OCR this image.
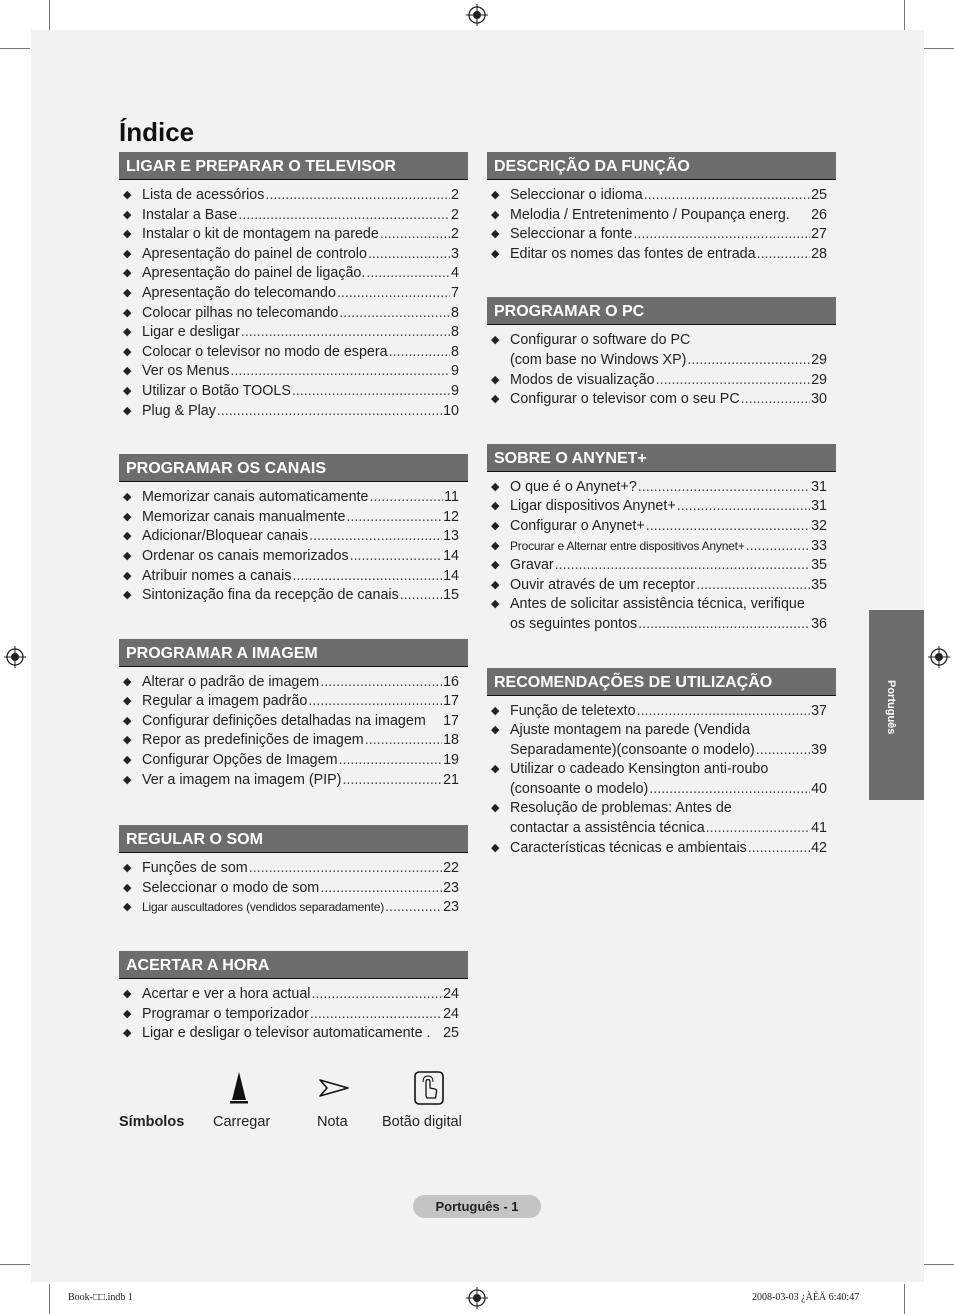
Índice
LIGAR E PREPARAR O TELEVISOR
◆ Lista de acessórios .....	2
◆ Instalar a Base .....	2
◆ Instalar o kit de montagem na parede .....	2
◆ Apresentação do painel de controlo .....	3
◆ Apresentação do painel de ligação. .....	4
◆ Apresentação do telecomando .....	7
◆ Colocar pilhas no telecomando .....	8
◆ Ligar e desligar .....	8
◆ Colocar o televisor no modo de espera .....	8
◆ Ver os Menus .....	9
◆ Utilizar o Botão TOOLS .....	9
◆ Plug & Play .....	10
PROGRAMAR OS CANAIS
◆ Memorizar canais automaticamente .....	11
◆ Memorizar canais manualmente .....	12
◆ Adicionar/Bloquear canais .....	13
◆ Ordenar os canais memorizados .....	14
◆ Atribuir nomes a canais .....	14
◆ Sintonização fina da recepção de canais .....	15
PROGRAMAR A IMAGEM
◆ Alterar o padrão de imagem .....	16
◆ Regular a imagem padrão .....	17
◆ Configurar definições detalhadas na imagem 17
◆ Repor as predefinições de imagem .....	18
◆ Configurar Opções de Imagem .....	19
◆ Ver a imagem na imagem (PIP) .....	21
REGULAR O SOM
◆ Funções de som .....	22
◆ Seleccionar o modo de som .....	23
◆ Ligar auscultadores (vendidos separadamente) .....	23
ACERTAR A HORA
◆ Acertar e ver a hora actual .....	24
◆ Programar o temporizador .....	24
◆ Ligar e desligar o televisor automaticamente . 25
DESCRIÇÃO DA FUNÇÃO
◆ Seleccionar o idioma .....	25
◆ Melodia / Entretenimento / Poupança energ. 26
◆ Seleccionar a fonte .....	27
◆ Editar os nomes das fontes de entrada .....	28
PROGRAMAR O PC
◆ Configurar o software do PC
(com base no Windows XP) .....	29
◆ Modos de visualização .....	29
◆ Configurar o televisor com o seu PC .....	30
SOBRE O ANYNET+
◆ O que é o Anynet+? .....	31
◆ Ligar dispositivos Anynet+ .....	31
◆ Configurar o Anynet+ .....	32
◆ Procurar e Alternar entre dispositivos Anynet+ .....	33
◆ Gravar .....	35
◆ Ouvir através de um receptor .....	35
◆ Antes de solicitar assistência técnica, verifique
os seguintes pontos .....	36
RECOMENDAÇÕES DE UTILIZAÇÃO
◆ Função de teletexto .....	37
◆ Ajuste montagem na parede (Vendida
Separadamente)(consoante o modelo) .....	39
◆ Utilizar o cadeado Kensington anti-roubo
(consoante o modelo) .....	40
◆ Resolução de problemas: Antes de
contactar a assistência técnica .....	41
◆ Características técnicas e ambientais .....	42
Símbolos Carregar	Nota Botão digital
Português - 1
Português
Book-□□.indb 1	2008-03-03 ¿ÀÈÄ 6:40:47
